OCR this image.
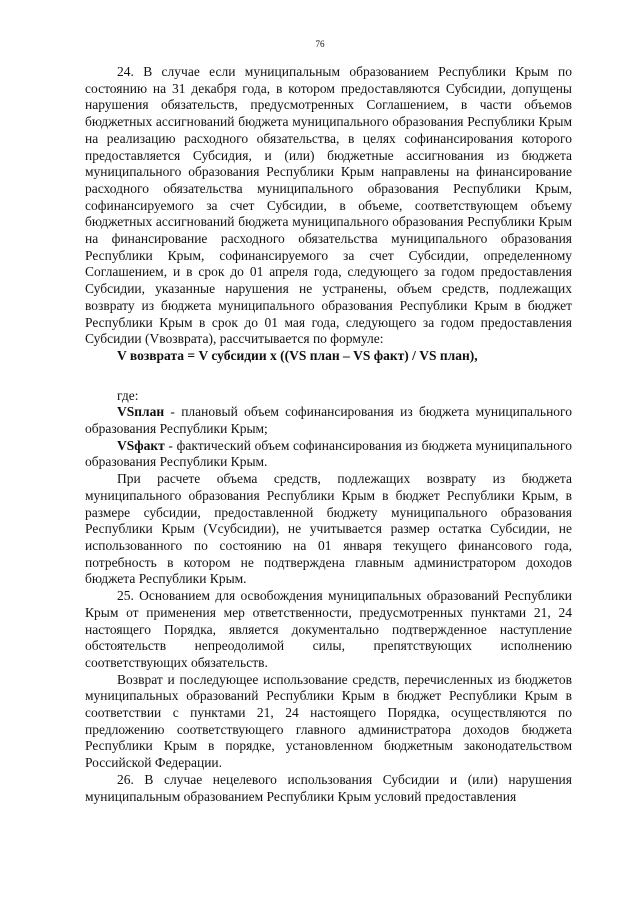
76

24. В случае если муниципальным образованием Республики Крым по состоянию на 31 декабря года, в котором предоставляются Субсидии, допущены нарушения обязательств, предусмотренных Соглашением, в части объемов бюджетных ассигнований бюджета муниципального образования Республики Крым на реализацию расходного обязательства, в целях софинансирования которого предоставляется Субсидия, и (или) бюджетные ассигнования из бюджета муниципального образования Республики Крым направлены на финансирование расходного обязательства муниципального образования Республики Крым, софинансируемого за счет Субсидии, в объеме, соответствующем объему бюджетных ассигнований бюджета муниципального образования Республики Крым на финансирование расходного обязательства муниципального образования Республики Крым, софинансируемого за счет Субсидии, определенному Соглашением, и в срок до 01 апреля года, следующего за годом предоставления Субсидии, указанные нарушения не устранены, объем средств, подлежащих возврату из бюджета муниципального образования Республики Крым в бюджет Республики Крым в срок до 01 мая года, следующего за годом предоставления Субсидии (Vвозврата), рассчитывается по формуле:

V возврата = V субсидии х ((VS план – VS факт) / VS план),

где:

VSплан - плановый объем софинансирования из бюджета муниципального образования Республики Крым;

VSфакт - фактический объем софинансирования из бюджета муниципального образования Республики Крым.

При расчете объема средств, подлежащих возврату из бюджета муниципального образования Республики Крым в бюджет Республики Крым, в размере субсидии, предоставленной бюджету муниципального образования Республики Крым (Vсубсидии), не учитывается размер остатка Субсидии, не использованного по состоянию на 01 января текущего финансового года, потребность в котором не подтверждена главным администратором доходов бюджета Республики Крым.

25. Основанием для освобождения муниципальных образований Республики Крым от применения мер ответственности, предусмотренных пунктами 21, 24 настоящего Порядка, является документально подтвержденное наступление обстоятельств непреодолимой силы, препятствующих исполнению соответствующих обязательств.

Возврат и последующее использование средств, перечисленных из бюджетов муниципальных образований Республики Крым в бюджет Республики Крым в соответствии с пунктами 21, 24 настоящего Порядка, осуществляются по предложению соответствующего главного администратора доходов бюджета Республики Крым в порядке, установленном бюджетным законодательством Российской Федерации.

26. В случае нецелевого использования Субсидии и (или) нарушения муниципальным образованием Республики Крым условий предоставления
